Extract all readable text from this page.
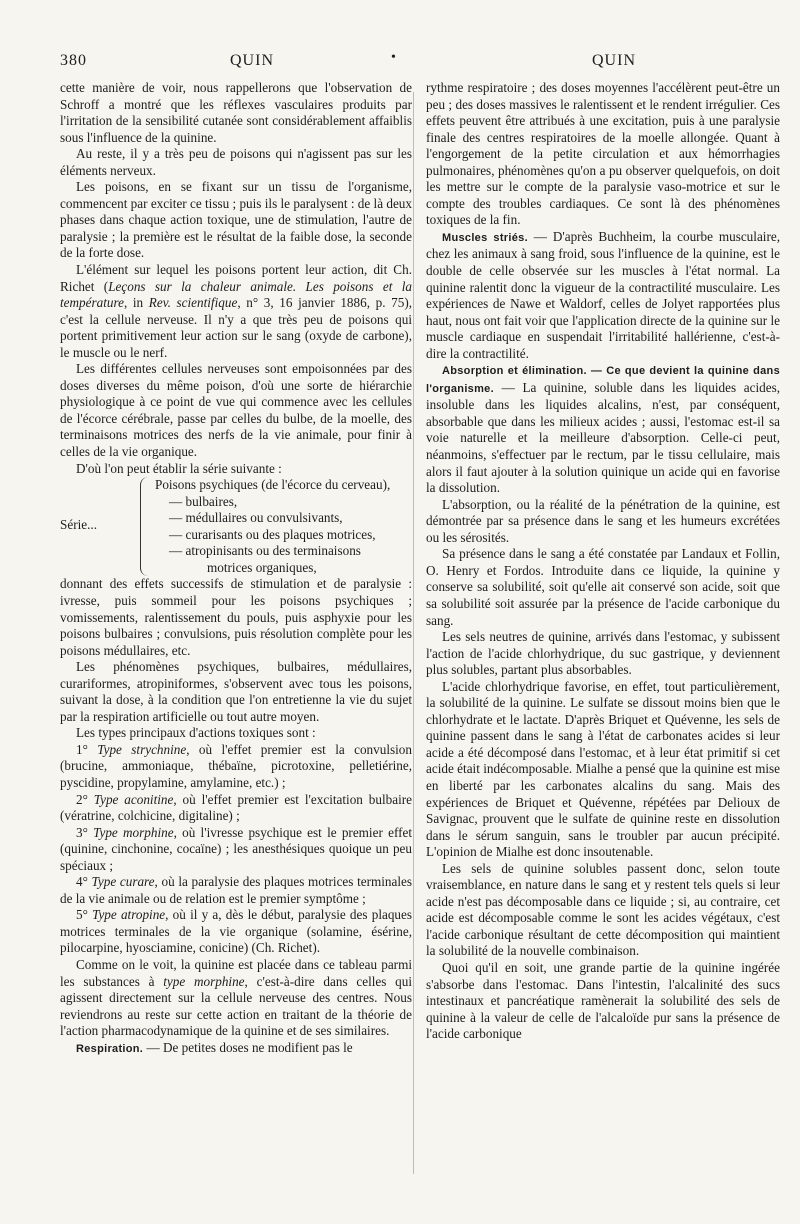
380	QUIN	•	QUIN

cette manière de voir, nous rappellerons que l'observation de Schroff a montré que les réflexes vasculaires produits par l'irritation de la sensibilité cutanée sont considérablement affaiblis sous l'influence de la quinine.

Au reste, il y a très peu de poisons qui n'agissent pas sur les éléments nerveux.

Les poisons, en se fixant sur un tissu de l'organisme, commencent par exciter ce tissu ; puis ils le paralysent : de là deux phases dans chaque action toxique, une de stimulation, l'autre de paralysie ; la première est le résultat de la faible dose, la seconde de la forte dose.

L'élément sur lequel les poisons portent leur action, dit Ch. Richet (Leçons sur la chaleur animale. Les poisons et la température, in Rev. scientifique, n° 3, 16 janvier 1886, p. 75), c'est la cellule nerveuse. Il n'y a que très peu de poisons qui portent primitivement leur action sur le sang (oxyde de carbone), le muscle ou le nerf.

Les différentes cellules nerveuses sont empoisonnées par des doses diverses du même poison, d'où une sorte de hiérarchie physiologique à ce point de vue qui commence avec les cellules de l'écorce cérébrale, passe par celles du bulbe, de la moelle, des terminaisons motrices des nerfs de la vie animale, pour finir à celles de la vie organique.

D'où l'on peut établir la série suivante :

Série...
Poisons psychiques (de l'écorce du cerveau),
— bulbaires,
— médullaires ou convulsivants,
— curarisants ou des plaques motrices,
— atropinisants ou des terminaisons
motrices organiques,

donnant des effets successifs de stimulation et de paralysie : ivresse, puis sommeil pour les poisons psychiques ; vomissements, ralentissement du pouls, puis asphyxie pour les poisons bulbaires ; convulsions, puis résolution complète pour les poisons médullaires, etc.

Les phénomènes psychiques, bulbaires, médullaires, curariformes, atropiniformes, s'observent avec tous les poisons, suivant la dose, à la condition que l'on entretienne la vie du sujet par la respiration artificielle ou tout autre moyen.

Les types principaux d'actions toxiques sont :

1° Type strychnine, où l'effet premier est la convulsion (brucine, ammoniaque, thébaïne, picrotoxine, pelletiérine, pyscidine, propylamine, amylamine, etc.) ;

2° Type aconitine, où l'effet premier est l'excitation bulbaire (vératrine, colchicine, digitaline) ;

3° Type morphine, où l'ivresse psychique est le premier effet (quinine, cinchonine, cocaïne) ; les anesthésiques quoique un peu spéciaux ;

4° Type curare, où la paralysie des plaques motrices terminales de la vie animale ou de relation est le premier symptôme ;

5° Type atropine, où il y a, dès le début, paralysie des plaques motrices terminales de la vie organique (solamine, ésérine, pilocarpine, hyosciamine, conicine) (Ch. Richet).

Comme on le voit, la quinine est placée dans ce tableau parmi les substances à type morphine, c'est-à-dire dans celles qui agissent directement sur la cellule nerveuse des centres. Nous reviendrons au reste sur cette action en traitant de la théorie de l'action pharmacodynamique de la quinine et de ses similaires.

Respiration. — De petites doses ne modifient pas le

rythme respiratoire ; des doses moyennes l'accélèrent peut-être un peu ; des doses massives le ralentissent et le rendent irrégulier. Ces effets peuvent être attribués à une excitation, puis à une paralysie finale des centres respiratoires de la moelle allongée. Quant à l'engorgement de la petite circulation et aux hémorrhagies pulmonaires, phénomènes qu'on a pu observer quelquefois, on doit les mettre sur le compte de la paralysie vaso-motrice et sur le compte des troubles cardiaques. Ce sont là des phénomènes toxiques de la fin.

Muscles striés. — D'après Buchheim, la courbe musculaire, chez les animaux à sang froid, sous l'influence de la quinine, est le double de celle observée sur les muscles à l'état normal. La quinine ralentit donc la vigueur de la contractilité musculaire. Les expériences de Nawe et Waldorf, celles de Jolyet rapportées plus haut, nous ont fait voir que l'application directe de la quinine sur le muscle cardiaque en suspendait l'irritabilité hallérienne, c'est-à-dire la contractilité.

Absorption et élimination. — Ce que devient la quinine dans l'organisme. — La quinine, soluble dans les liquides acides, insoluble dans les liquides alcalins, n'est, par conséquent, absorbable que dans les milieux acides ; aussi, l'estomac est-il sa voie naturelle et la meilleure d'absorption. Celle-ci peut, néanmoins, s'effectuer par le rectum, par le tissu cellulaire, mais alors il faut ajouter à la solution quinique un acide qui en favorise la dissolution.

L'absorption, ou la réalité de la pénétration de la quinine, est démontrée par sa présence dans le sang et les humeurs excrétées ou les sérosités.

Sa présence dans le sang a été constatée par Landaux et Follin, O. Henry et Fordos. Introduite dans ce liquide, la quinine y conserve sa solubilité, soit qu'elle ait conservé son acide, soit que sa solubilité soit assurée par la présence de l'acide carbonique du sang.

Les sels neutres de quinine, arrivés dans l'estomac, y subissent l'action de l'acide chlorhydrique, du suc gastrique, y deviennent plus solubles, partant plus absorbables.

L'acide chlorhydrique favorise, en effet, tout particulièrement, la solubilité de la quinine. Le sulfate se dissout moins bien que le chlorhydrate et le lactate. D'après Briquet et Quévenne, les sels de quinine passent dans le sang à l'état de carbonates acides si leur acide a été décomposé dans l'estomac, et à leur état primitif si cet acide était indécomposable. Mialhe a pensé que la quinine est mise en liberté par les carbonates alcalins du sang. Mais des expériences de Briquet et Quévenne, répétées par Delioux de Savignac, prouvent que le sulfate de quinine reste en dissolution dans le sérum sanguin, sans le troubler par aucun précipité. L'opinion de Mialhe est donc insoutenable.

Les sels de quinine solubles passent donc, selon toute vraisemblance, en nature dans le sang et y restent tels quels si leur acide n'est pas décomposable dans ce liquide ; si, au contraire, cet acide est décomposable comme le sont les acides végétaux, c'est l'acide carbonique résultant de cette décomposition qui maintient la solubilité de la nouvelle combinaison.

Quoi qu'il en soit, une grande partie de la quinine ingérée s'absorbe dans l'estomac. Dans l'intestin, l'alcalinité des sucs intestinaux et pancréatique ramènerait la solubilité des sels de quinine à la valeur de celle de l'alcaloïde pur sans la présence de l'acide carbonique
